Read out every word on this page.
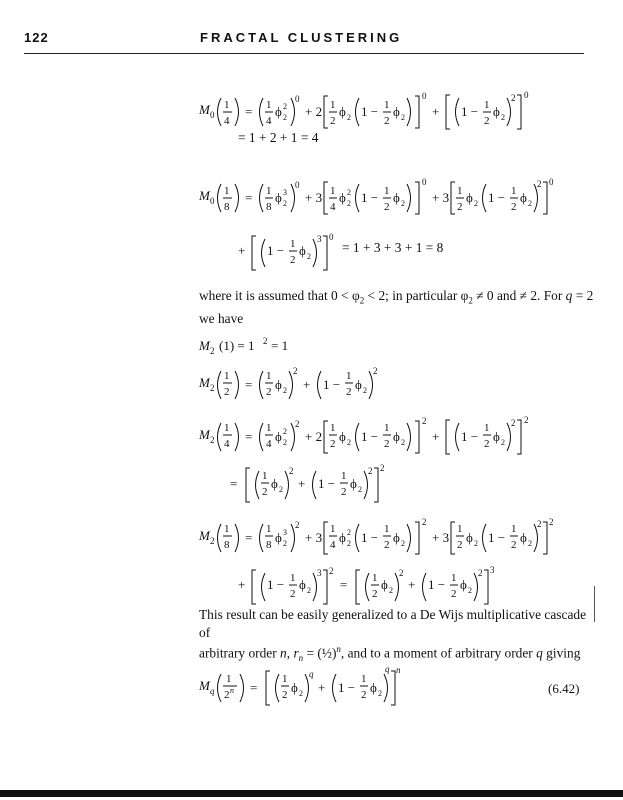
122	FRACTAL CLUSTERING
M 0
1
4
= 1
4
ϕ 2
2
0
+ 2 1
2
ϕ 2 1 − 1
2
ϕ 2
0
+ 1 − 1
2
ϕ 2
2 0
= 1 + 2 + 1 = 4
M 0
1
8
= 1
8
ϕ 3
2
0
+ 3 1
4
ϕ 2
2 1 − 1
2
ϕ 2
0
+ 3 1
2
ϕ 2 1 − 1
2
ϕ 2
2 0
+ 1 − 1
2
ϕ 2
3 0
= 1 + 3 + 3 + 1 = 8

where it is assumed that $0 < \varphi_2 < 2$; in particular $\varphi_2 \ne 0$ and ≠ 2. For q = 2
we have

M 2 (1) = 1 2 = 1
M 2
1
2 =
1
2 ϕ 2
2
+ 1 −
1
2 ϕ 2
2
M 2
1
4 =
1
4 ϕ 2
2
2
+ 2
1
2 ϕ 2 1 −
1
2 ϕ 2
2
+ 1 −
1
2 ϕ 2
2 2
= 1
2
ϕ 2
2
+ 1 − 1
2
ϕ 2
2 2
M 2
1
8 =
1
8 ϕ 3
2
2
+ 3
1
4 ϕ 2
2 1 −
1
2 ϕ 2
2
+ 3
1
2 ϕ 2 1 −
1
2 ϕ 2
2 2
+ 1 − 1
2
ϕ 2
3 2
= 1
2
ϕ 2
2
+ 1 − 1
2
ϕ 2
2 3

This result can be easily generalized to a De Wijs multiplicative cascade of
arbitrary order n, $r_n$ = (½)$^n$, and to a moment of arbitrary order q giving

M q
1
2 n =
1
2 ϕ 2
q
+ 1 −
1
2 ϕ 2
q n
(6.42)
